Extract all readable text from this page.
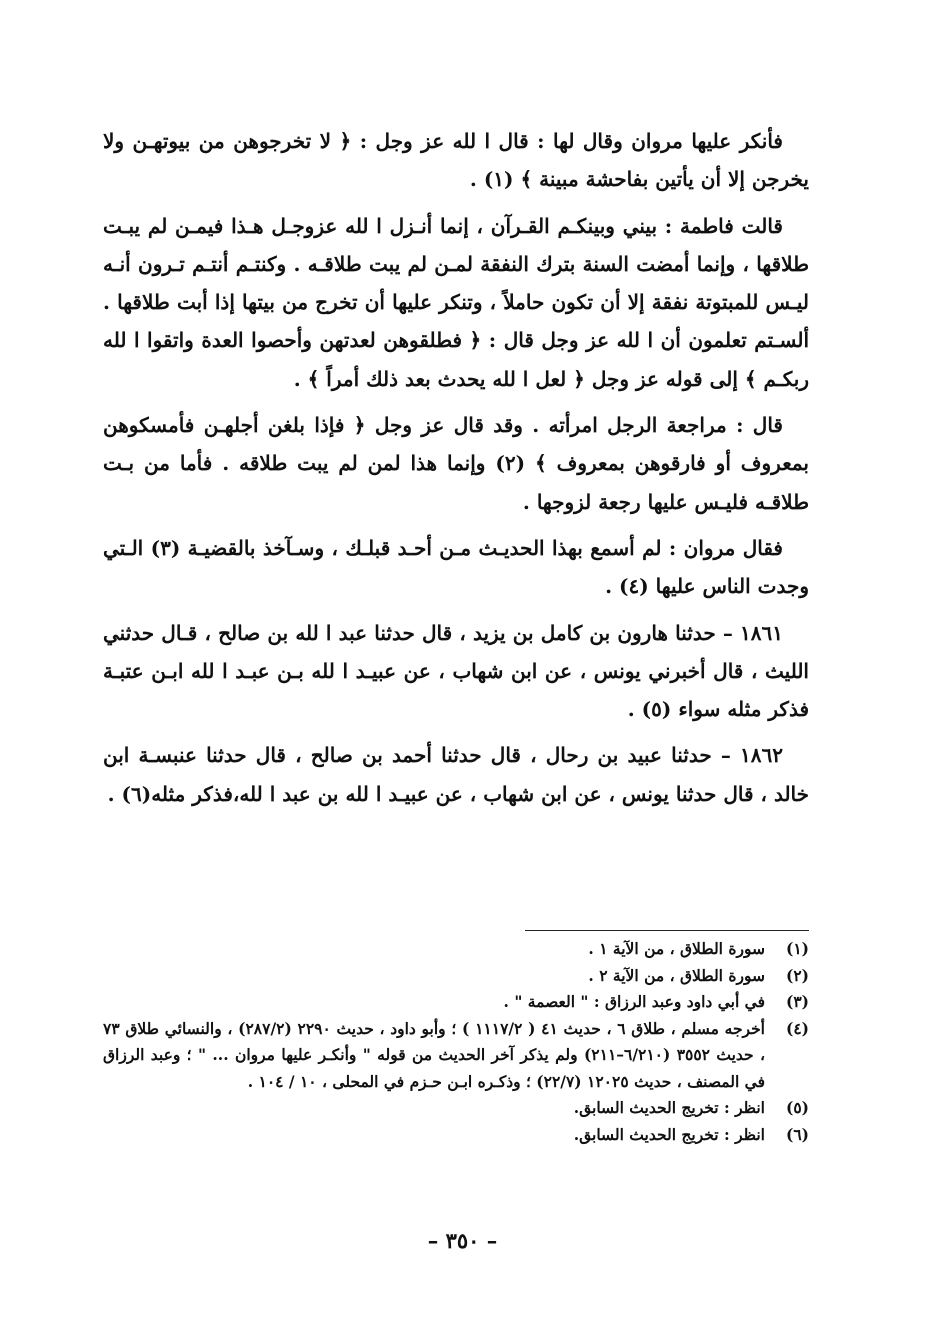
فأنكر عليها مروان وقال لها : قال ا لله عز وجل : ﴿ لا تخرجوهن من بيوتهـن ولا يخرجن إلا أن يأتين بفاحشة مبينة ﴾ (١) .

قالت فاطمة : بيني وبينكـم القـرآن ، إنما أنـزل ا لله عزوجـل هـذا فيمـن لم يبـت طلاقها ، وإنما أمضت السنة بترك النفقة لمـن لم يبت طلاقـه . وكنتـم أنتـم تـرون أنـه ليـس للمبتوتة نفقة إلا أن تكون حاملاً ، وتنكر عليها أن تخرج من بيتها إذا أبت طلاقها . ألسـتم تعلمون أن ا لله عز وجل قال : ﴿ فطلقوهن لعدتهن وأحصوا العدة واتقوا ا لله ربكـم ﴾ إلى قوله عز وجل ﴿ لعل ا لله يحدث بعد ذلك أمراً ﴾ .

قال : مراجعة الرجل امرأته . وقد قال عز وجل ﴿ فإذا بلغن أجلهـن فأمسكوهن بمعروف أو فارقوهن بمعروف ﴾ (٢) وإنما هذا لمن لم يبت طلاقه . فأما من بـت طلاقـه فليـس عليها رجعة لزوجها .

فقال مروان : لم أسمع بهذا الحديـث مـن أحـد قبلـك ، وسـآخذ بالقضيـة (٣) الـتي وجدت الناس عليها (٤) .

١٨٦١ – حدثنا هارون بن كامل بن يزيد ، قال حدثنا عبد ا لله بن صالح ، قـال حدثني الليث ، قال أخبرني يونس ، عن ابن شهاب ، عن عبيـد ا لله بـن عبـد ا لله ابـن عتبـة فذكر مثله سواء (٥) .

١٨٦٢ – حدثنا عبيد بن رحال ، قال حدثنا أحمد بن صالح ، قال حدثنا عنبسـة ابن خالد ، قال حدثنا يونس ، عن ابن شهاب ، عن عبيـد ا لله بن عبد ا لله،فذكر مثله(٦) .

(١)
سورة الطلاق ، من الآية ١ .
(٢)
سورة الطلاق ، من الآية ٢ .
(٣)
في أبي داود وعبد الرزاق : " العصمة " .
(٤)
أخرجه مسلم ، طلاق ٦ ، حديث ٤١ ( ١١١٧/٢ ) ؛ وأبو داود ، حديث ٢٢٩٠ (٢٨٧/٢) ، والنسائي طلاق ٧٣ ، حديث ٣٥٥٢ (٦/٢١٠–٢١١) ولم يذكر آخر الحديث من قوله " وأنكـر عليها مروان ... " ؛ وعبد الرزاق في المصنف ، حديث ١٢٠٢٥ (٢٢/٧) ؛ وذكـره ابـن حـزم في المحلى ، ١٠ / ١٠٤ .
(٥)
انظر : تخريج الحديث السابق.
(٦)
انظر : تخريج الحديث السابق.
– ٣٥٠ –
